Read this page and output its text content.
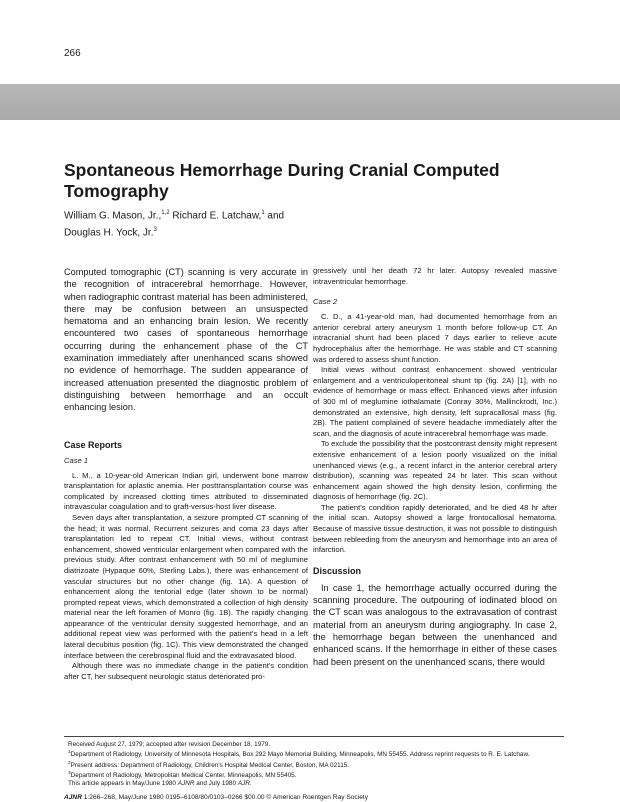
266
Spontaneous Hemorrhage During Cranial Computed Tomography
William G. Mason, Jr.,$^{1,2}$ Richard E. Latchaw,$^1$ and
Douglas H. Yock, Jr.$^3$

Computed tomographic (CT) scanning is very accurate in the recognition of intracerebral hemorrhage. However, when radiographic contrast material has been administered, there may be confusion between an unsuspected hematoma and an enhancing brain lesion. We recently encountered two cases of spontaneous hemorrhage occurring during the enhancement phase of the CT examination immediately after unenhanced scans showed no evidence of hemorrhage. The sudden appearance of increased attenuation presented the diagnostic problem of distinguishing between hemorrhage and an occult enhancing lesion.

Case Reports
Case 1

L. M., a 10-year-old American Indian girl, underwent bone marrow transplantation for aplastic anemia. Her posttransplantation course was complicated by increased clotting times attributed to disseminated intravascular coagulation and to graft-versus-host liver disease.

Seven days after transplantation, a seizure prompted CT scanning of the head; it was normal. Recurrent seizures and coma 23 days after transplantation led to repeat CT. Initial views, without contrast enhancement, showed ventricular enlargement when compared with the previous study. After contrast enhancement with 50 ml of meglumine diatrizoate (Hypaque 60%, Sterling Labs.), there was enhancement of vascular structures but no other change (fig. 1A). A question of enhancement along the tentorial edge (later shown to be normal) prompted repeat views, which demonstrated a collection of high density material near the left foramen of Monro (fig. 1B). The rapidly changing appearance of the ventricular density suggested hemorrhage, and an additional repeat view was performed with the patient's head in a left lateral decubitus position (fig. 1C). This view demonstrated the changed interface between the cerebrospinal fluid and the extravasated blood.

Although there was no immediate change in the patient's condition after CT, her subsequent neurologic status deteriorated pro-

gressively until her death 72 hr later. Autopsy revealed massive intraventricular hemorrhage.

Case 2

C. D., a 41-year-old man, had documented hemorrhage from an anterior cerebral artery aneurysm 1 month before follow-up CT. An intracranial shunt had been placed 7 days earlier to relieve acute hydrocephalus after the hemorrhage. He was stable and CT scanning was ordered to assess shunt function.

Initial views without contrast enhancement showed ventricular enlargement and a ventriculoperitoneal shunt tip (fig. 2A) [1], with no evidence of hemorrhage or mass effect. Enhanced views after infusion of 300 ml of meglumine iothalamate (Conray 30%, Mallinckrodt, Inc.) demonstrated an extensive, high density, left supracallosal mass (fig. 2B). The patient complained of severe headache immediately after the scan, and the diagnosis of acute intracerebral hemorrhage was made.

To exclude the possibility that the postcontrast density might represent extensive enhancement of a lesion poorly visualized on the initial unenhanced views (e.g., a recent infarct in the anterior cerebral artery distribution), scanning was repeated 24 hr later. This scan without enhancement again showed the high density lesion, confirming the diagnosis of hemorrhage (fig. 2C).

The patient's condition rapidly deteriorated, and he died 48 hr after the initial scan. Autopsy showed a large frontocallosal hematoma. Because of massive tissue destruction, it was not possible to distinguish between rebleeding from the aneurysm and hemorrhage into an area of infarction.

Discussion

In case 1, the hemorrhage actually occurred during the scanning procedure. The outpouring of iodinated blood on the CT scan was analogous to the extravasation of contrast material from an aneurysm during angiography. In case 2, the hemorrhage began between the unenhanced and enhanced scans. If the hemorrhage in either of these cases had been present on the unenhanced scans, there would

Received August 27, 1979; accepted after revision December 18, 1979.

$^1$Department of Radiology, University of Minnesota Hospitals, Box 292 Mayo Memorial Building, Minneapolis, MN 55455. Address reprint requests to R. E. Latchaw.

$^2$Present address: Department of Radiology, Children's Hospital Medical Center, Boston, MA 02115.

$^3$Department of Radiology, Metropolitan Medical Center, Minneapolis, MN 55405.

This article appears in May/June 1980 AJNR and July 1980 AJR.

AJNR 1:266–268, May/June 1980 0195–6108/80/0103–0266 $00.00 © American Roentgen Ray Society
